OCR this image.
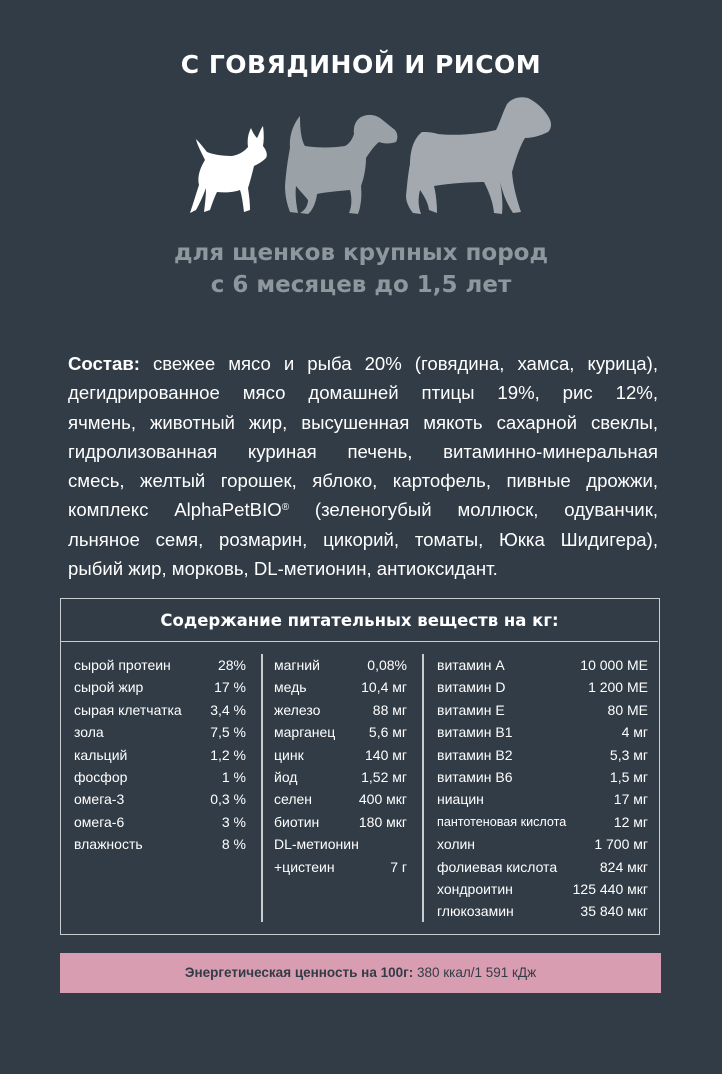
С ГОВЯДИНОЙ И РИСОМ
для щенков крупных пород
с 6 месяцев до 1,5 лет
Состав: свежее мясо и рыба 20% (говядина, хамса, курица),
дегидрированное мясо домашней птицы 19%, рис 12%,
ячмень, животный жир, высушенная мякоть сахарной свеклы,
гидролизованная куриная печень, витаминно-минеральная
смесь, желтый горошек, яблоко, картофель, пивные дрожжи,
комплекс AlphaPetBIO® (зеленогубый моллюск, одуванчик,
льняное семя, розмарин, цикорий, томаты, Юкка Шидигера),
рыбий жир, морковь, DL-метионин, антиоксидант.
Содержание питательных веществ на кг:
сырой протеин	28%
сырой жир	17 %
сырая клетчатка 3,4 %
зола	7,5 %
кальций	1,2 %
фосфор	1 %
омега-3	0,3 %
омега-6	3 %
влажность	8 %
магний	0,08%
медь	10,4 мг
железо	88 мг
марганец 5,6 мг
цинк	140 мг
йод	1,52 мг
селен	400 мкг
биотин	180 мкг
DL-метионин
+цистеин	7 г
витамин А	10 000 МЕ
витамин D	1 200 МЕ
витамин Е	80 МЕ
витамин В1	4 мг
витамин В2	5,3 мг
витамин В6	1,5 мг
ниацин	17 мг
пантотеновая кислота	12 мг
холин	1 700 мг
фолиевая кислота	824 мкг
хондроитин	125 440 мкг
глюкозамин	35 840 мкг
Энергетическая ценность на 100г: 380 ккал/1 591 кДж
